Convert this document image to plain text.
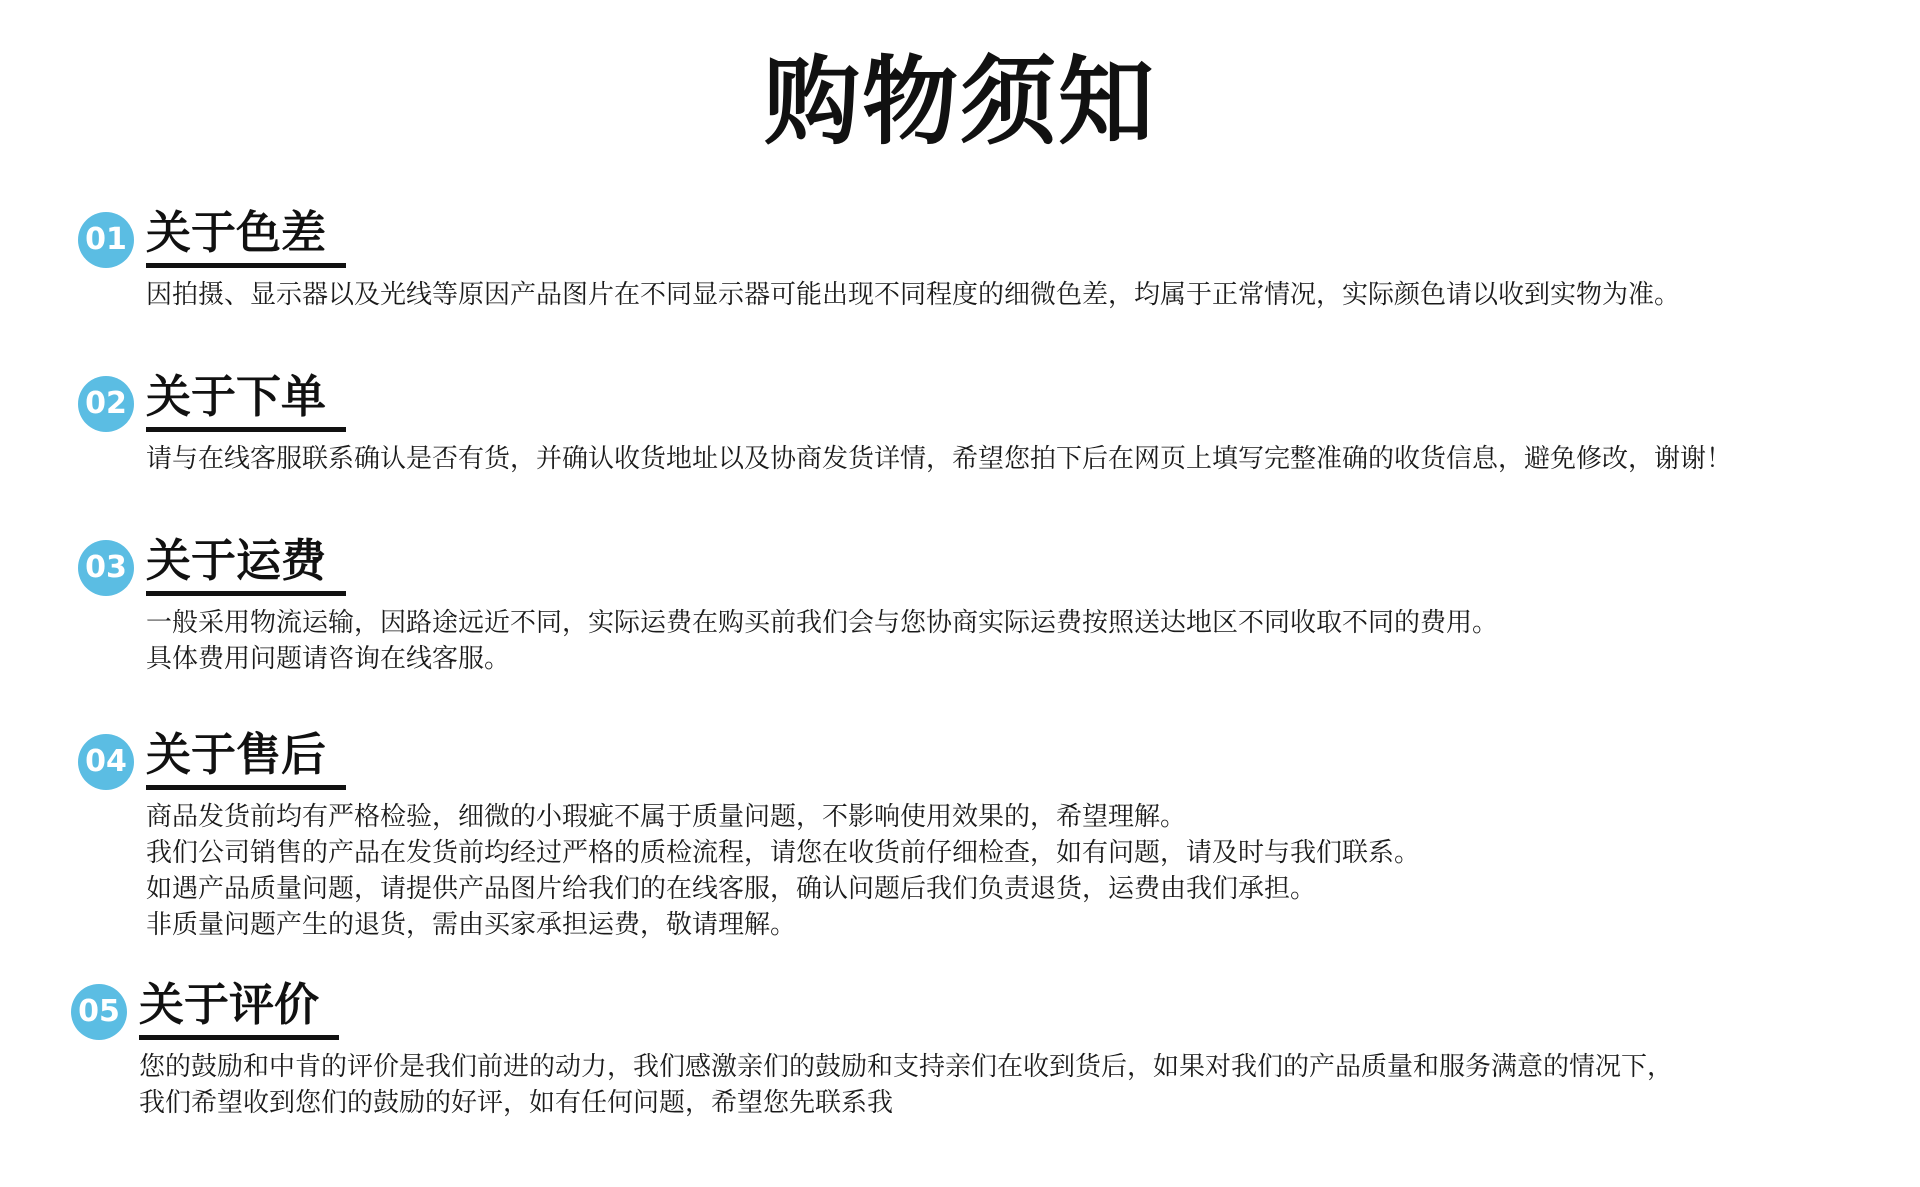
购物须知
01 关于色差
因拍摄、显示器以及光线等原因产品图片在不同显示器可能出现不同程度的细微色差，均属于正常情况，实际颜色请以收到实物为准。
02 关于下单
请与在线客服联系确认是否有货，并确认收货地址以及协商发货详情，希望您拍下后在网页上填写完整准确的收货信息，避免修改，谢谢！
03 关于运费
一般采用物流运输，因路途远近不同，实际运费在购买前我们会与您协商实际运费按照送达地区不同收取不同的费用。
具体费用问题请咨询在线客服。
04 关于售后
商品发货前均有严格检验，细微的小瑕疵不属于质量问题，不影响使用效果的，希望理解。
我们公司销售的产品在发货前均经过严格的质检流程，请您在收货前仔细检查，如有问题，请及时与我们联系。
如遇产品质量问题，请提供产品图片给我们的在线客服，确认问题后我们负责退货，运费由我们承担。
非质量问题产生的退货，需由买家承担运费，敬请理解。
05 关于评价
您的鼓励和中肯的评价是我们前进的动力，我们感激亲们的鼓励和支持亲们在收到货后，如果对我们的产品质量和服务满意的情况下，
我们希望收到您们的鼓励的好评，如有任何问题，希望您先联系我
